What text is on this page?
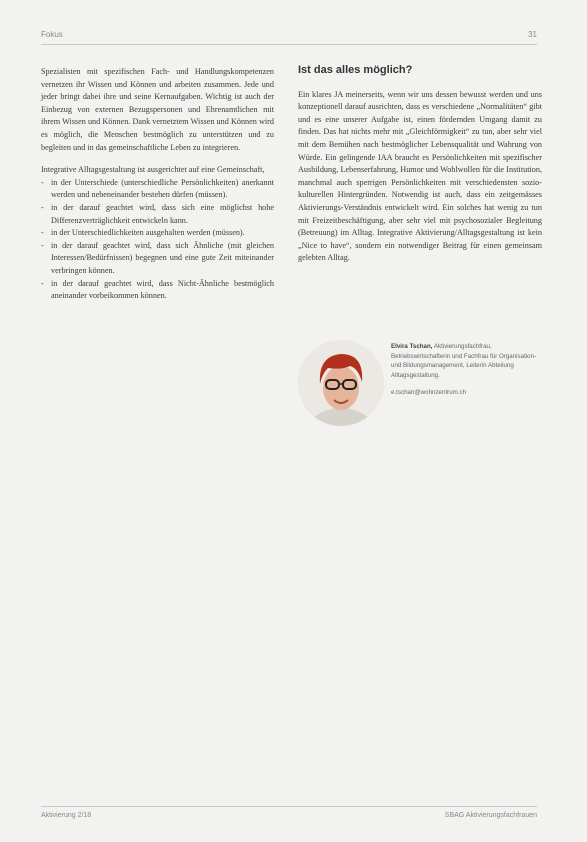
Fokus	31

Spezialisten mit spezifischen Fach- und Handlungskompetenzen vernetzen ihr Wissen und Können und arbeiten zusammen. Jede und jeder bringt dabei ihre und seine Kernaufgaben. Wichtig ist auch der Einbezug von externen Bezugspersonen und Ehrenamtlichen mit ihrem Wissen und Können. Dank vernetztem Wissen und Können wird es möglich, die Menschen bestmöglich zu unterstützen und zu begleiten und in das gemeinschaftliche Leben zu integrieren.

Integrative Alltagsgestaltung ist ausgerichtet auf eine Gemeinschaft,

- in der Unterschiede (unterschiedliche Persönlichkeiten) anerkannt werden und nebeneinander bestehen dürfen (müssen).
- in der darauf geachtet wird, dass sich eine möglichst hohe Differenzverträglichkeit entwickeln kann.
- in der Unterschiedlichkeiten ausgehalten werden (müssen).
- in der darauf geachtet wird, dass sich Ähnliche (mit gleichen Interessen/Bedürfnissen) begegnen und eine gute Zeit miteinander verbringen können.
- in der darauf geachtet wird, dass Nicht-Ähnliche bestmöglich aneinander vorbeikommen können.
Ist das alles möglich?

Ein klares JA meinerseits, wenn wir uns dessen bewusst werden und uns konzeptionell darauf ausrichten, dass es verschiedene „Normalitäten“ gibt und es eine unserer Aufgabe ist, einen fördernden Umgang damit zu finden. Das hat nichts mehr mit „Gleichförmigkeit“ zu tun, aber sehr viel mit dem Bemühen nach bestmöglicher Lebensqualität und Wahrung von Würde. Ein gelingende IAA braucht es Persönlichkeiten mit spezifischer Ausbildung, Lebenserfahrung, Humor und Wohlwollen für die Institution, manchmal auch sperrigen Persönlichkeiten mit verschiedensten sozio-kulturellen Hintergründen. Notwendig ist auch, dass ein zeitgemässes Aktivierungs-Verständnis entwickelt wird. Ein solches hat wenig zu tun mit Freizeitbeschäftigung, aber sehr viel mit psychosozialer Begleitung (Betreuung) im Alltag. Integrative Aktivierung/Alltagsgestaltung ist kein „Nice to have“, sondern ein notwendiger Beitrag für einen gemeinsam gelebten Alltag.

Elvira Tschan, Aktivierungsfachfrau, Betriebswirtschafterin und Fachfrau für Organisation- und Bildungsmanagement, Leiterin Abteilung Alltagsgestaltung.
e.tschan@wohnzentrum.ch
Aktivierung 2/18	SBAG Aktivierungsfachfrauen
